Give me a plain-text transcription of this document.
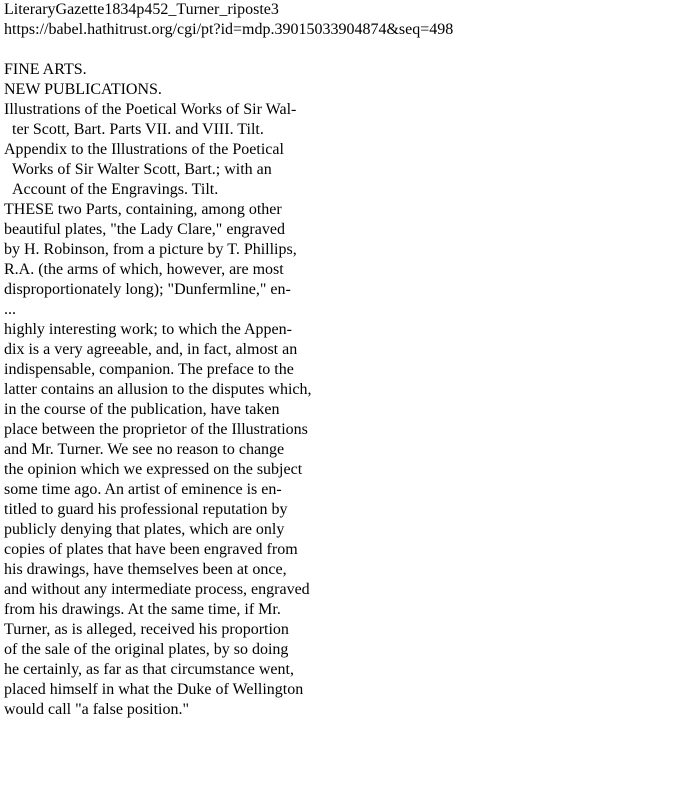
LiteraryGazette1834p452_Turner_riposte3
https://babel.hathitrust.org/cgi/pt?id=mdp.39015033904874&seq=498
FINE ARTS.
NEW PUBLICATIONS.
Illustrations of the Poetical Works of Sir Wal-
ter Scott, Bart. Parts VII. and VIII. Tilt.
Appendix to the Illustrations of the Poetical
Works of Sir Walter Scott, Bart.; with an
Account of the Engravings. Tilt.
THESE two Parts, containing, among other
beautiful plates, "the Lady Clare," engraved
by H. Robinson, from a picture by T. Phillips,
R.A. (the arms of which, however, are most
disproportionately long); "Dunfermline," en-
...
highly interesting work; to which the Appen-
dix is a very agreeable, and, in fact, almost an
indispensable, companion. The preface to the
latter contains an allusion to the disputes which,
in the course of the publication, have taken
place between the proprietor of the Illustrations
and Mr. Turner. We see no reason to change
the opinion which we expressed on the subject
some time ago. An artist of eminence is en-
titled to guard his professional reputation by
publicly denying that plates, which are only
copies of plates that have been engraved from
his drawings, have themselves been at once,
and without any intermediate process, engraved
from his drawings. At the same time, if Mr.
Turner, as is alleged, received his proportion
of the sale of the original plates, by so doing
he certainly, as far as that circumstance went,
placed himself in what the Duke of Wellington
would call "a false position."
